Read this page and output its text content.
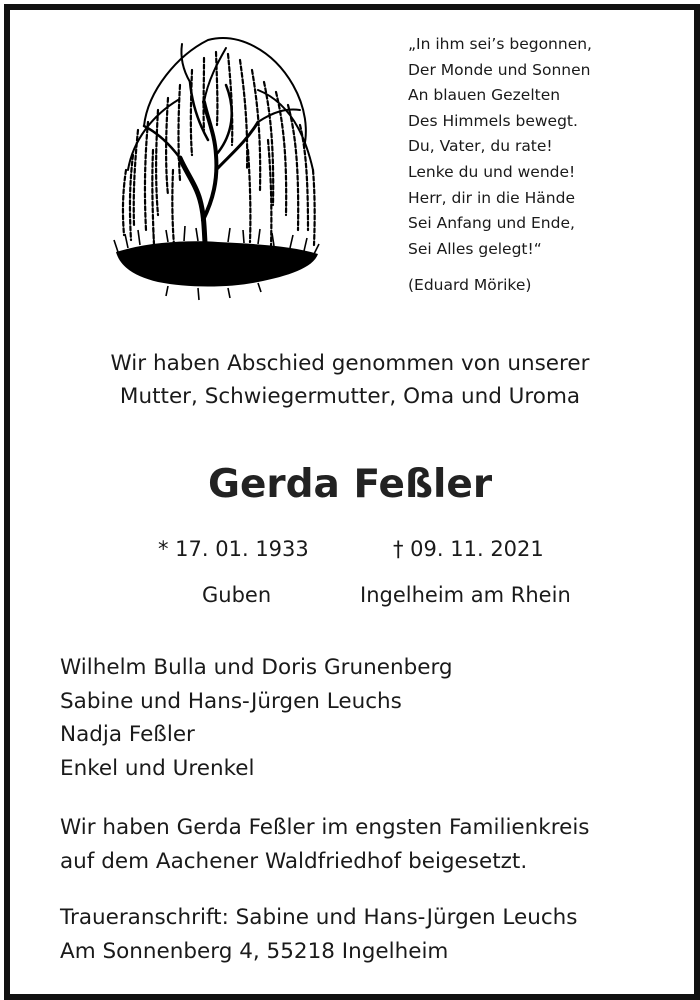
„In ihm sei’s begonnen,
Der Monde und Sonnen
An blauen Gezelten
Des Himmels bewegt.
Du, Vater, du rate!
Lenke du und wende!
Herr, dir in die Hände
Sei Anfang und Ende,
Sei Alles gelegt!“
(Eduard Mörike)
Wir haben Abschied genommen von unserer
Mutter, Schwiegermutter, Oma und Uroma
Gerda Feßler
* 17. 01. 1933	† 09. 11. 2021
Guben	Ingelheim am Rhein
Wilhelm Bulla und Doris Grunenberg
Sabine und Hans-Jürgen Leuchs
Nadja Feßler
Enkel und Urenkel
Wir haben Gerda Feßler im engsten Familienkreis
auf dem Aachener Waldfriedhof beigesetzt.
Traueranschrift: Sabine und Hans-Jürgen Leuchs
Am Sonnenberg 4, 55218 Ingelheim
